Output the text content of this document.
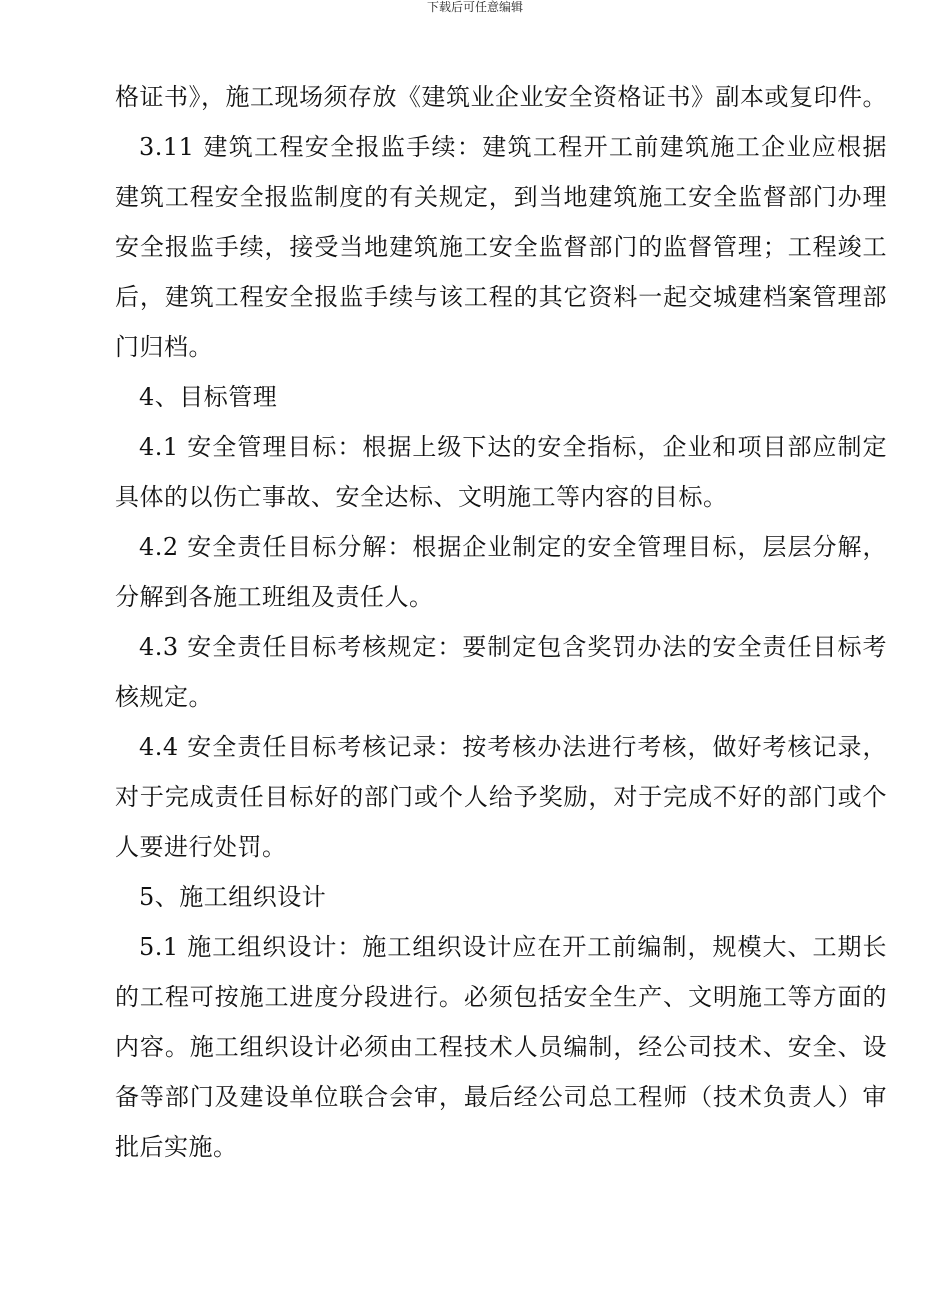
下载后可任意编辑

格证书》，施工现场须存放《建筑业企业安全资格证书》副本或复印件。

3.11 建筑工程安全报监手续：建筑工程开工前建筑施工企业应根据建筑工程安全报监制度的有关规定，到当地建筑施工安全监督部门办理安全报监手续，接受当地建筑施工安全监督部门的监督管理；工程竣工后，建筑工程安全报监手续与该工程的其它资料一起交城建档案管理部门归档。

4、目标管理

4.1 安全管理目标：根据上级下达的安全指标，企业和项目部应制定具体的以伤亡事故、安全达标、文明施工等内容的目标。

4.2 安全责任目标分解：根据企业制定的安全管理目标，层层分解，分解到各施工班组及责任人。

4.3 安全责任目标考核规定：要制定包含奖罚办法的安全责任目标考核规定。

4.4 安全责任目标考核记录：按考核办法进行考核，做好考核记录，对于完成责任目标好的部门或个人给予奖励，对于完成不好的部门或个人要进行处罚。

5、施工组织设计

5.1 施工组织设计：施工组织设计应在开工前编制，规模大、工期长的工程可按施工进度分段进行。必须包括安全生产、文明施工等方面的内容。施工组织设计必须由工程技术人员编制，经公司技术、安全、设备等部门及建设单位联合会审，最后经公司总工程师（技术负责人）审批后实施。
